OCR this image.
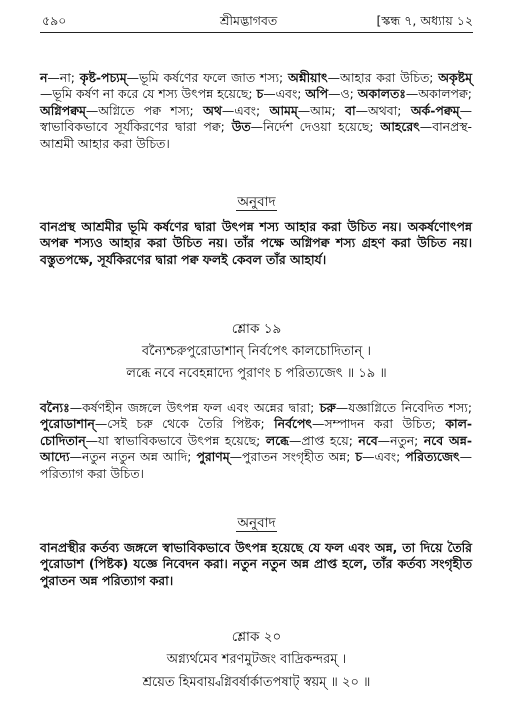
৫৯০	শ্রীমদ্ভাগবত	[স্কন্ধ ৭, অধ্যায় ১২
ন—না; কৃষ্ট-পচ্যম্—ভূমি কর্ষণের ফলে জাত শস্য; অশ্নীয়াৎ—আহার করা উচিত; অকৃষ্টম্—ভূমি কর্ষণ না করে যে শস্য উৎপন্ন হয়েছে; চ—এবং; অপি—ও; অকালতঃ—অকালপক্ব; অগ্নিপক্বম্—অগ্নিতে পক্ব শস্য; অথ—এবং; আমম্—আম; বা—অথবা; অর্ক-পক্বম্—স্বাভাবিকভাবে সূর্যকিরণের দ্বারা পক্ব; উত—নির্দেশ দেওয়া হয়েছে; আহরেৎ—বানপ্রস্থ-আশ্রমী আহার করা উচিত।
অনুবাদ
বানপ্রস্থ আশ্রমীর ভূমি কর্ষণের দ্বারা উৎপন্ন শস্য আহার করা উচিত নয়। অকর্ষণোৎপন্ন অপক্ব শস্যও আহার করা উচিত নয়। তাঁর পক্ষে অগ্নিপক্ব শস্য গ্রহণ করা উচিত নয়। বস্তুতপক্ষে, সূর্যকিরণের দ্বারা পক্ব ফলই কেবল তাঁর আহার্য।
শ্লোক ১৯
বন্যৈশ্চরুপুরোডাশান্ নির্বপেৎ কালচোদিতান্ ।
লব্ধে নবে নবেহন্নাদ্যে পুরাণং চ পরিত্যজেৎ ॥ ১৯ ॥
বন্যৈঃ—কর্ষণহীন জঙ্গলে উৎপন্ন ফল এবং অন্নের দ্বারা; চরু—যজ্ঞাগ্নিতে নিবেদিত শস্য; পুরোডাশান্—সেই চরু থেকে তৈরি পিষ্টক; নির্বপেৎ—সম্পাদন করা উচিত; কাল-চোদিতান্—যা স্বাভাবিকভাবে উৎপন্ন হয়েছে; লব্ধে—প্রাপ্ত হয়ে; নবে—নতুন; নবে অন্ন-আদ্যে—নতুন নতুন অন্ন আদি; পুরাণম্—পুরাতন সংগৃহীত অন্ন; চ—এবং; পরিত্যজেৎ—পরিত্যাগ করা উচিত।
অনুবাদ
বানপ্রস্থীর কর্তব্য জঙ্গলে স্বাভাবিকভাবে উৎপন্ন হয়েছে যে ফল এবং অন্ন, তা দিয়ে তৈরি পুরোডাশ (পিষ্টক) যজ্ঞে নিবেদন করা। নতুন নতুন অন্ন প্রাপ্ত হলে, তাঁর কর্তব্য সংগৃহীত পুরাতন অন্ন পরিত্যাগ করা।
শ্লোক ২০
অগ্ন্যর্থমেব শরণমুটজং বাদ্রিকন্দরম্ ।
শ্রয়েত হিমবায়্বগ্নিবর্ষার্কাতপষাট্ স্বয়ম্ ॥ ২০ ॥
